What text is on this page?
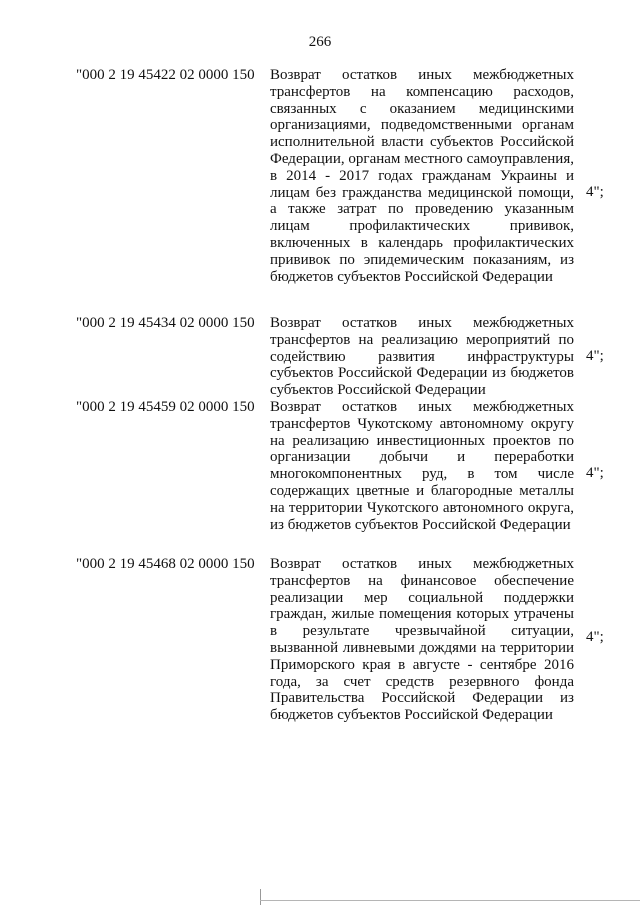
266
"000 2 19 45422 02 0000 150 Возврат остатков иных межбюджетных трансфертов на компенсацию расходов, связанных с оказанием медицинскими организациями, подведомственными органам исполнительной власти субъектов Российской Федерации, органам местного самоуправления, в 2014 - 2017 годах гражданам Украины и лицам без гражданства медицинской помощи, а также затрат по проведению указанным лицам профилактических прививок, включенных в календарь профилактических прививок по эпидемическим показаниям, из бюджетов субъектов Российской Федерации
4";
"000 2 19 45434 02 0000 150 Возврат остатков иных межбюджетных трансфертов на реализацию мероприятий по содействию развития инфраструктуры субъектов Российской Федерации из бюджетов субъектов Российской Федерации
4";
"000 2 19 45459 02 0000 150 Возврат остатков иных межбюджетных трансфертов Чукотскому автономному округу на реализацию инвестиционных проектов по организации добычи и переработки многокомпонентных руд, в том числе содержащих цветные и благородные металлы на территории Чукотского автономного округа, из бюджетов субъектов Российской Федерации
4";
"000 2 19 45468 02 0000 150 Возврат остатков иных межбюджетных трансфертов на финансовое обеспечение реализации мер социальной поддержки граждан, жилые помещения которых утрачены в результате чрезвычайной ситуации, вызванной ливневыми дождями на территории Приморского края в августе - сентябре 2016 года, за счет средств резервного фонда Правительства Российской Федерации из бюджетов субъектов Российской Федерации
4";
